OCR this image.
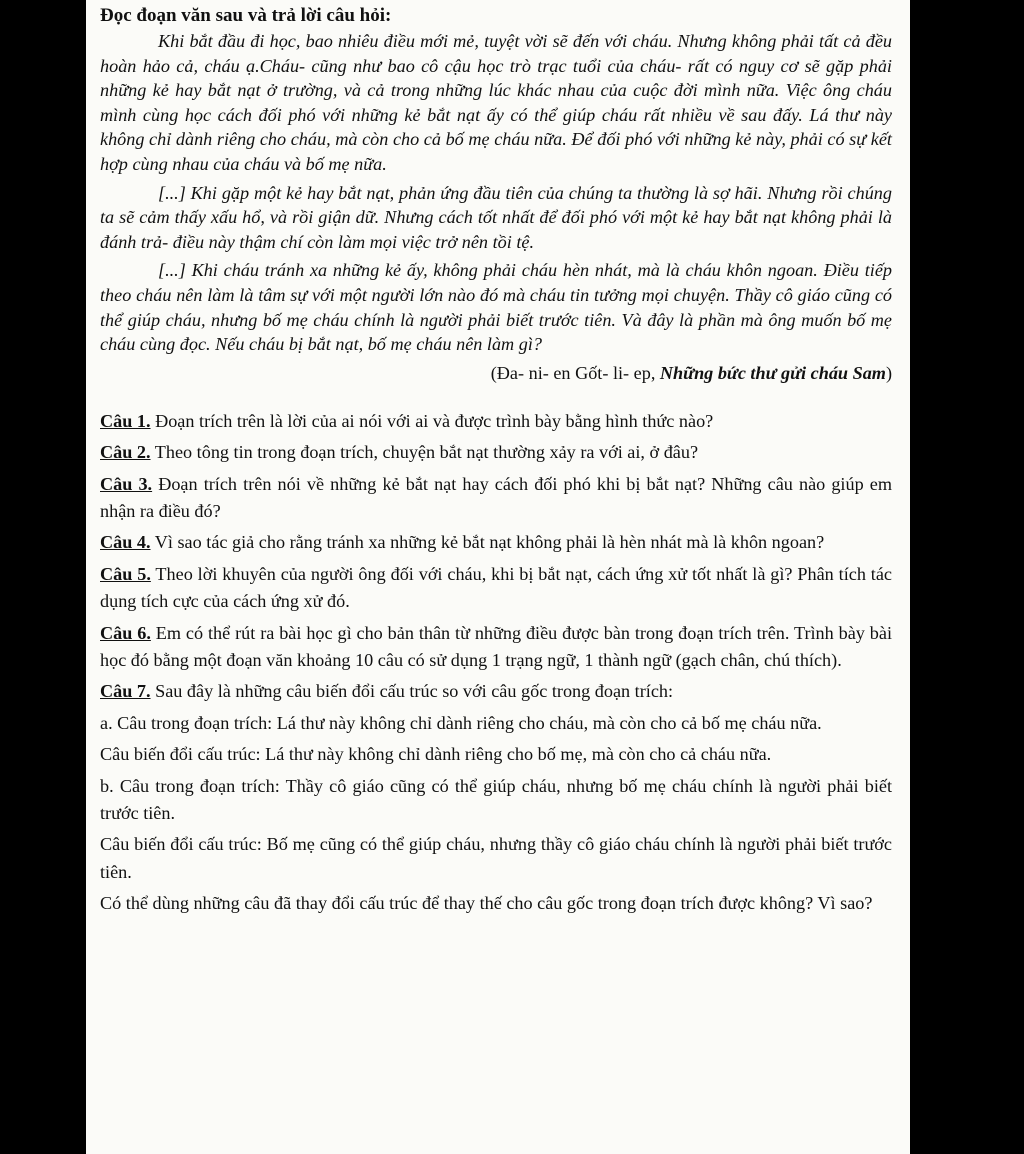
Đọc đoạn văn sau và trả lời câu hỏi:

Khi bắt đầu đi học, bao nhiêu điều mới mẻ, tuyệt vời sẽ đến với cháu. Nhưng không phải tất cả đều hoàn hảo cả, cháu ạ.Cháu- cũng như bao cô cậu học trò trạc tuổi của cháu- rất có nguy cơ sẽ gặp phải những kẻ hay bắt nạt ở trường, và cả trong những lúc khác nhau của cuộc đời mình nữa. Việc ông cháu mình cùng học cách đối phó với những kẻ bắt nạt ấy có thể giúp cháu rất nhiều về sau đấy. Lá thư này không chỉ dành riêng cho cháu, mà còn cho cả bố mẹ cháu nữa. Để đối phó với những kẻ này, phải có sự kết hợp cùng nhau của cháu và bố mẹ nữa.

[...] Khi gặp một kẻ hay bắt nạt, phản ứng đầu tiên của chúng ta thường là sợ hãi. Nhưng rồi chúng ta sẽ cảm thấy xấu hổ, và rồi giận dữ. Nhưng cách tốt nhất để đối phó với một kẻ hay bắt nạt không phải là đánh trả- điều này thậm chí còn làm mọi việc trở nên tồi tệ.

[...] Khi cháu tránh xa những kẻ ấy, không phải cháu hèn nhát, mà là cháu khôn ngoan. Điều tiếp theo cháu nên làm là tâm sự với một người lớn nào đó mà cháu tin tưởng mọi chuyện. Thầy cô giáo cũng có thể giúp cháu, nhưng bố mẹ cháu chính là người phải biết trước tiên. Và đây là phần mà ông muốn bố mẹ cháu cùng đọc. Nếu cháu bị bắt nạt, bố mẹ cháu nên làm gì?

(Đa- ni- en Gốt- li- ep, Những bức thư gửi cháu Sam)
Câu 1. Đoạn trích trên là lời của ai nói với ai và được trình bày bằng hình thức nào?
Câu 2. Theo tông tin trong đoạn trích, chuyện bắt nạt thường xảy ra với ai, ở đâu?
Câu 3. Đoạn trích trên nói về những kẻ bắt nạt hay cách đối phó khi bị bắt nạt? Những câu nào giúp em nhận ra điều đó?
Câu 4. Vì sao tác giả cho rằng tránh xa những kẻ bắt nạt không phải là hèn nhát mà là khôn ngoan?
Câu 5. Theo lời khuyên của người ông đối với cháu, khi bị bắt nạt, cách ứng xử tốt nhất là gì? Phân tích tác dụng tích cực của cách ứng xử đó.
Câu 6. Em có thể rút ra bài học gì cho bản thân từ những điều được bàn trong đoạn trích trên. Trình bày bài học đó bằng một đoạn văn khoảng 10 câu có sử dụng 1 trạng ngữ, 1 thành ngữ (gạch chân, chú thích).
Câu 7. Sau đây là những câu biến đổi cấu trúc so với câu gốc trong đoạn trích:
a. Câu trong đoạn trích: Lá thư này không chỉ dành riêng cho cháu, mà còn cho cả bố mẹ cháu nữa.
Câu biến đổi cấu trúc: Lá thư này không chỉ dành riêng cho bố mẹ, mà còn cho cả cháu nữa.
b. Câu trong đoạn trích: Thầy cô giáo cũng có thể giúp cháu, nhưng bố mẹ cháu chính là người phải biết trước tiên.
Câu biến đổi cấu trúc: Bố mẹ cũng có thể giúp cháu, nhưng thầy cô giáo cháu chính là người phải biết trước tiên.
Có thể dùng những câu đã thay đổi cấu trúc để thay thế cho câu gốc trong đoạn trích được không? Vì sao?
